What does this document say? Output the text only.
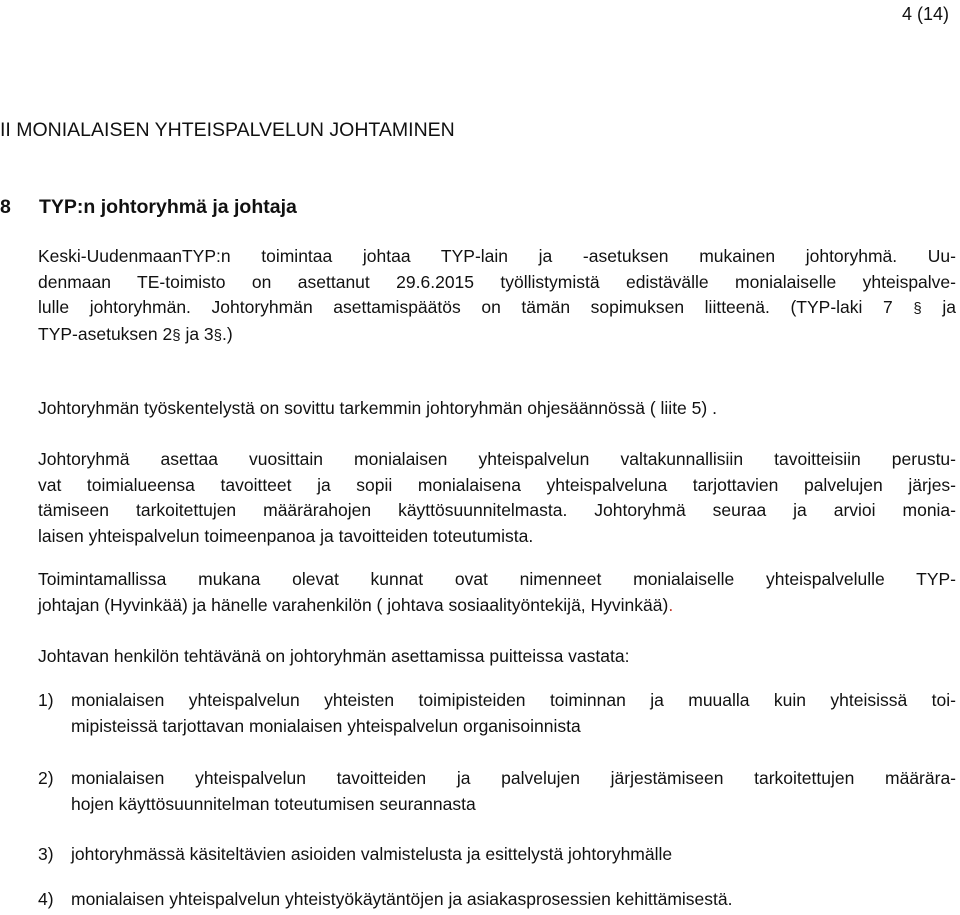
4 (14)
II MONIALAISEN YHTEISPALVELUN JOHTAMINEN
8 TYP:n johtoryhmä ja johtaja
Keski-UudenmaanTYP:n toimintaa johtaa TYP-lain ja -asetuksen mukainen johtoryhmä. Uu-
denmaan TE-toimisto on asettanut 29.6.2015 työllistymistä edistävälle monialaiselle yhteispalve-
lulle johtoryhmän. Johtoryhmän asettamispäätös on tämän sopimuksen liitteenä. (TYP-laki 7 § ja
TYP-asetuksen 2§ ja 3§.)
Johtoryhmän työskentelystä on sovittu tarkemmin johtoryhmän ohjesäännössä ( liite 5) .
Johtoryhmä asettaa vuosittain monialaisen yhteispalvelun valtakunnallisiin tavoitteisiin perustu-
vat toimialueensa tavoitteet ja sopii monialaisena yhteispalveluna tarjottavien palvelujen järjes-
tämiseen tarkoitettujen määrärahojen käyttösuunnitelmasta. Johtoryhmä seuraa ja arvioi monia-
laisen yhteispalvelun toimeenpanoa ja tavoitteiden toteutumista.
Toimintamallissa mukana olevat kunnat ovat nimenneet monialaiselle yhteispalvelulle TYP-
johtajan (Hyvinkää) ja hänelle varahenkilön ( johtava sosiaalityöntekijä, Hyvinkää).
Johtavan henkilön tehtävänä on johtoryhmän asettamissa puitteissa vastata:
1) monialaisen yhteispalvelun yhteisten toimipisteiden toiminnan ja muualla kuin yhteisissä toi-
mipisteissä tarjottavan monialaisen yhteispalvelun organisoinnista
2) monialaisen yhteispalvelun tavoitteiden ja palvelujen järjestämiseen tarkoitettujen määrära-
hojen käyttösuunnitelman toteutumisen seurannasta
3) johtoryhmässä käsiteltävien asioiden valmistelusta ja esittelystä johtoryhmälle
4) monialaisen yhteispalvelun yhteistyökäytäntöjen ja asiakasprosessien kehittämisestä.
